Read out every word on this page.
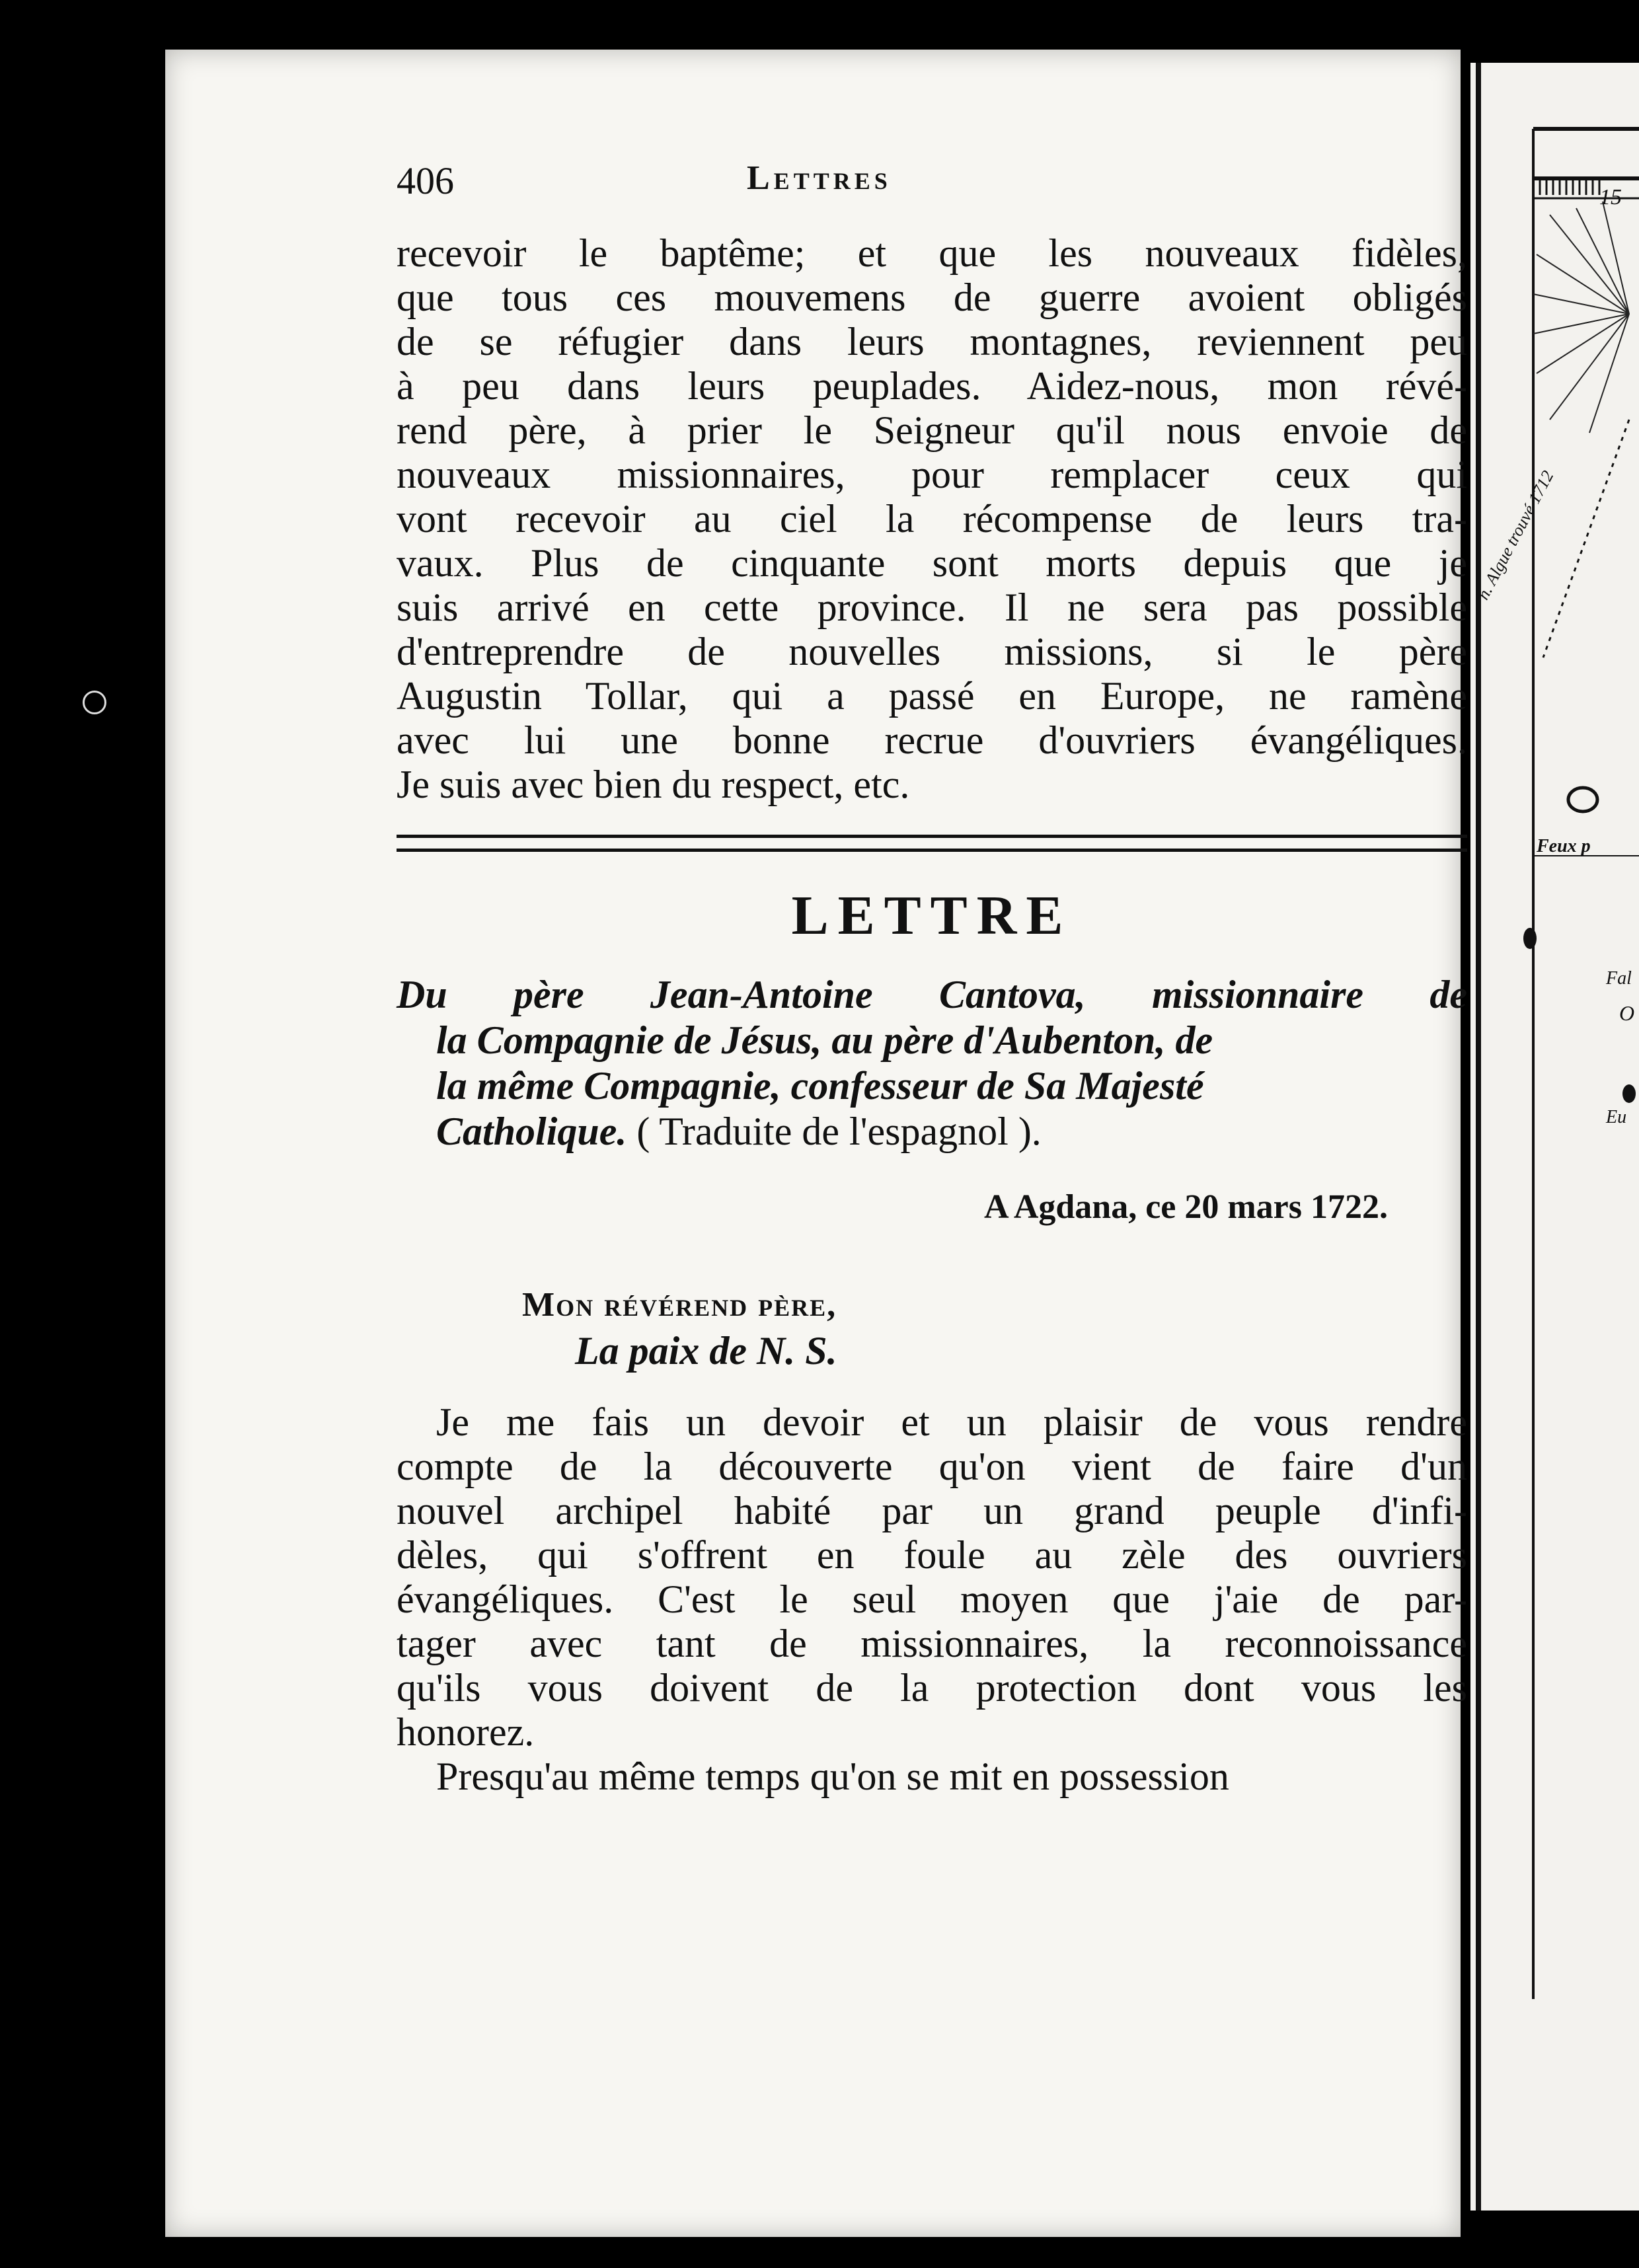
406	Lettres
recevoir le baptême; et que les nouveaux fidèles,
que tous ces mouvemens de guerre avoient obligés
de se réfugier dans leurs montagnes, reviennent peu
à peu dans leurs peuplades. Aidez-nous, mon révé-
rend père, à prier le Seigneur qu'il nous envoie de
nouveaux missionnaires, pour remplacer ceux qui
vont recevoir au ciel la récompense de leurs tra-
vaux. Plus de cinquante sont morts depuis que je
suis arrivé en cette province. Il ne sera pas possible
d'entreprendre de nouvelles missions, si le père
Augustin Tollar, qui a passé en Europe, ne ramène
avec lui une bonne recrue d'ouvriers évangéliques.
Je suis avec bien du respect, etc.
LETTRE
Du père Jean-Antoine Cantova, missionnaire de
la Compagnie de Jésus, au père d'Aubenton, de
la même Compagnie, confesseur de Sa Majesté
Catholique. ( Traduite de l'espagnol ).
A Agdana, ce 20 mars 1722.
Mon révérend père,
La paix de N. S.
Je me fais un devoir et un plaisir de vous rendre
compte de la découverte qu'on vient de faire d'un
nouvel archipel habité par un grand peuple d'infi-
dèles, qui s'offrent en foule au zèle des ouvriers
évangéliques. C'est le seul moyen que j'aie de par-
tager avec tant de missionnaires, la reconnoissance
qu'ils vous doivent de la protection dont vous les
honorez.
Presqu'au même temps qu'on se mit en possession
15
n. Algue trouvé 1712
Feux p
Fal
O
Eu
